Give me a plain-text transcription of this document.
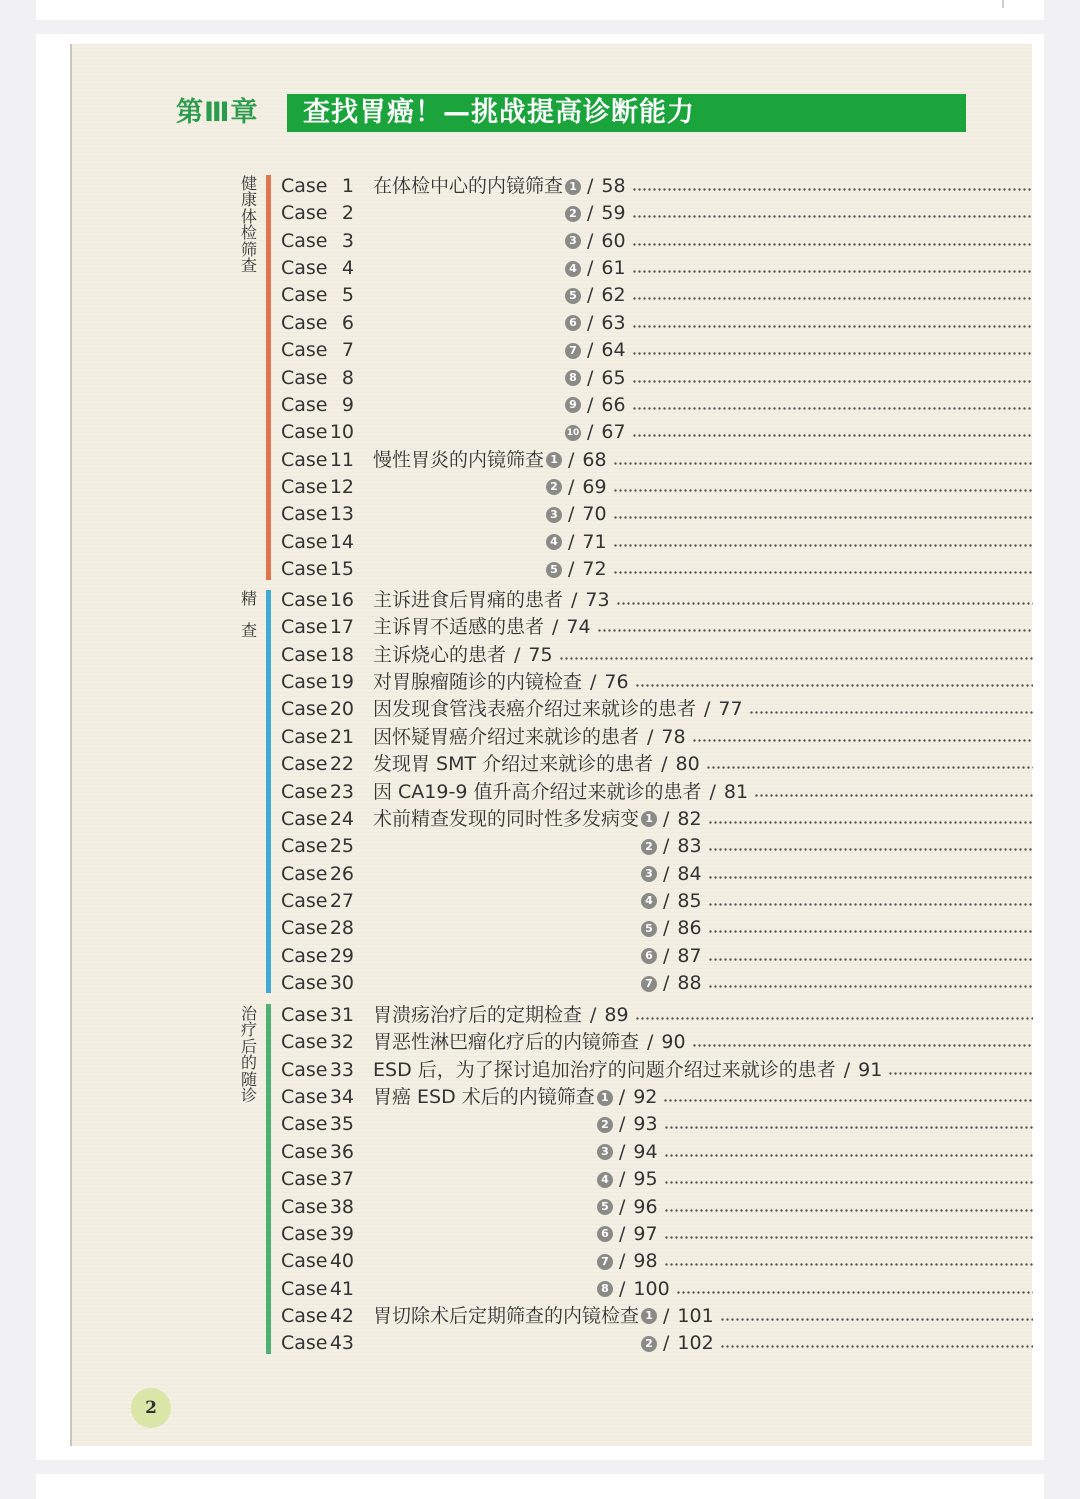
第Ⅲ章 查找胃癌！—挑战提高诊断能力
健康体检筛查
精
查
治疗后的随诊
Case 1 在体检中心的内镜筛查 1 / 58
Case 2	2 / 59
Case 3	3 / 60
Case 4	4 / 61
Case 5	5 / 62
Case 6	6 / 63
Case 7	7 / 64
Case 8	8 / 65
Case 9	9 / 66
Case 10	10 / 67
Case 11 慢性胃炎的内镜筛查 1 / 68
Case 12	2 / 69
Case 13	3 / 70
Case 14	4 / 71
Case 15	5 / 72
Case 16 主诉进食后胃痛的患者 / 73
Case 17 主诉胃不适感的患者 / 74
Case 18 主诉烧心的患者 / 75
Case 19 对胃腺瘤随诊的内镜检查 / 76
Case 20 因发现食管浅表癌介绍过来就诊的患者 / 77
Case 21 因怀疑胃癌介绍过来就诊的患者 / 78
Case 22 发现胃 SMT 介绍过来就诊的患者 / 80
Case 23 因 CA19-9 值升高介绍过来就诊的患者 / 81
Case 24 术前精查发现的同时性多发病变 1 / 82
Case 25	2 / 83
Case 26	3 / 84
Case 27	4 / 85
Case 28	5 / 86
Case 29	6 / 87
Case 30	7 / 88
Case 31 胃溃疡治疗后的定期检查 / 89
Case 32 胃恶性淋巴瘤化疗后的内镜筛查 / 90
Case 33 ESD 后，为了探讨追加治疗的问题介绍过来就诊的患者 / 91
Case 34 胃癌 ESD 术后的内镜筛查 1 / 92
Case 35	2 / 93
Case 36	3 / 94
Case 37	4 / 95
Case 38	5 / 96
Case 39	6 / 97
Case 40	7 / 98
Case 41	8 / 100
Case 42 胃切除术后定期筛查的内镜检查 1 / 101
Case 43	2 / 102
2
